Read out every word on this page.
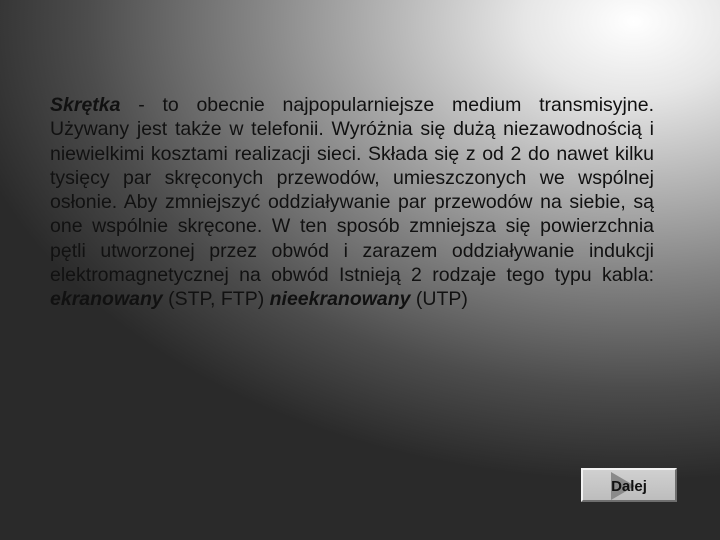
Skrętka - to obecnie najpopularniejsze medium transmisyjne. Używany jest także w telefonii. Wyróżnia się dużą niezawodnością i niewielkimi kosztami realizacji sieci. Składa się z od 2 do nawet kilku tysięcy par skręconych przewodów, umieszczonych we wspólnej osłonie. Aby zmniejszyć oddziaływanie par przewodów na siebie, są one wspólnie skręcone. W ten sposób zmniejsza się powierzchnia pętli utworzonej przez obwód i zarazem oddziaływanie indukcji elektromagnetycznej na obwód Istnieją 2 rodzaje tego typu kabla: ekranowany (STP, FTP) nieekranowany (UTP)

Dalej
